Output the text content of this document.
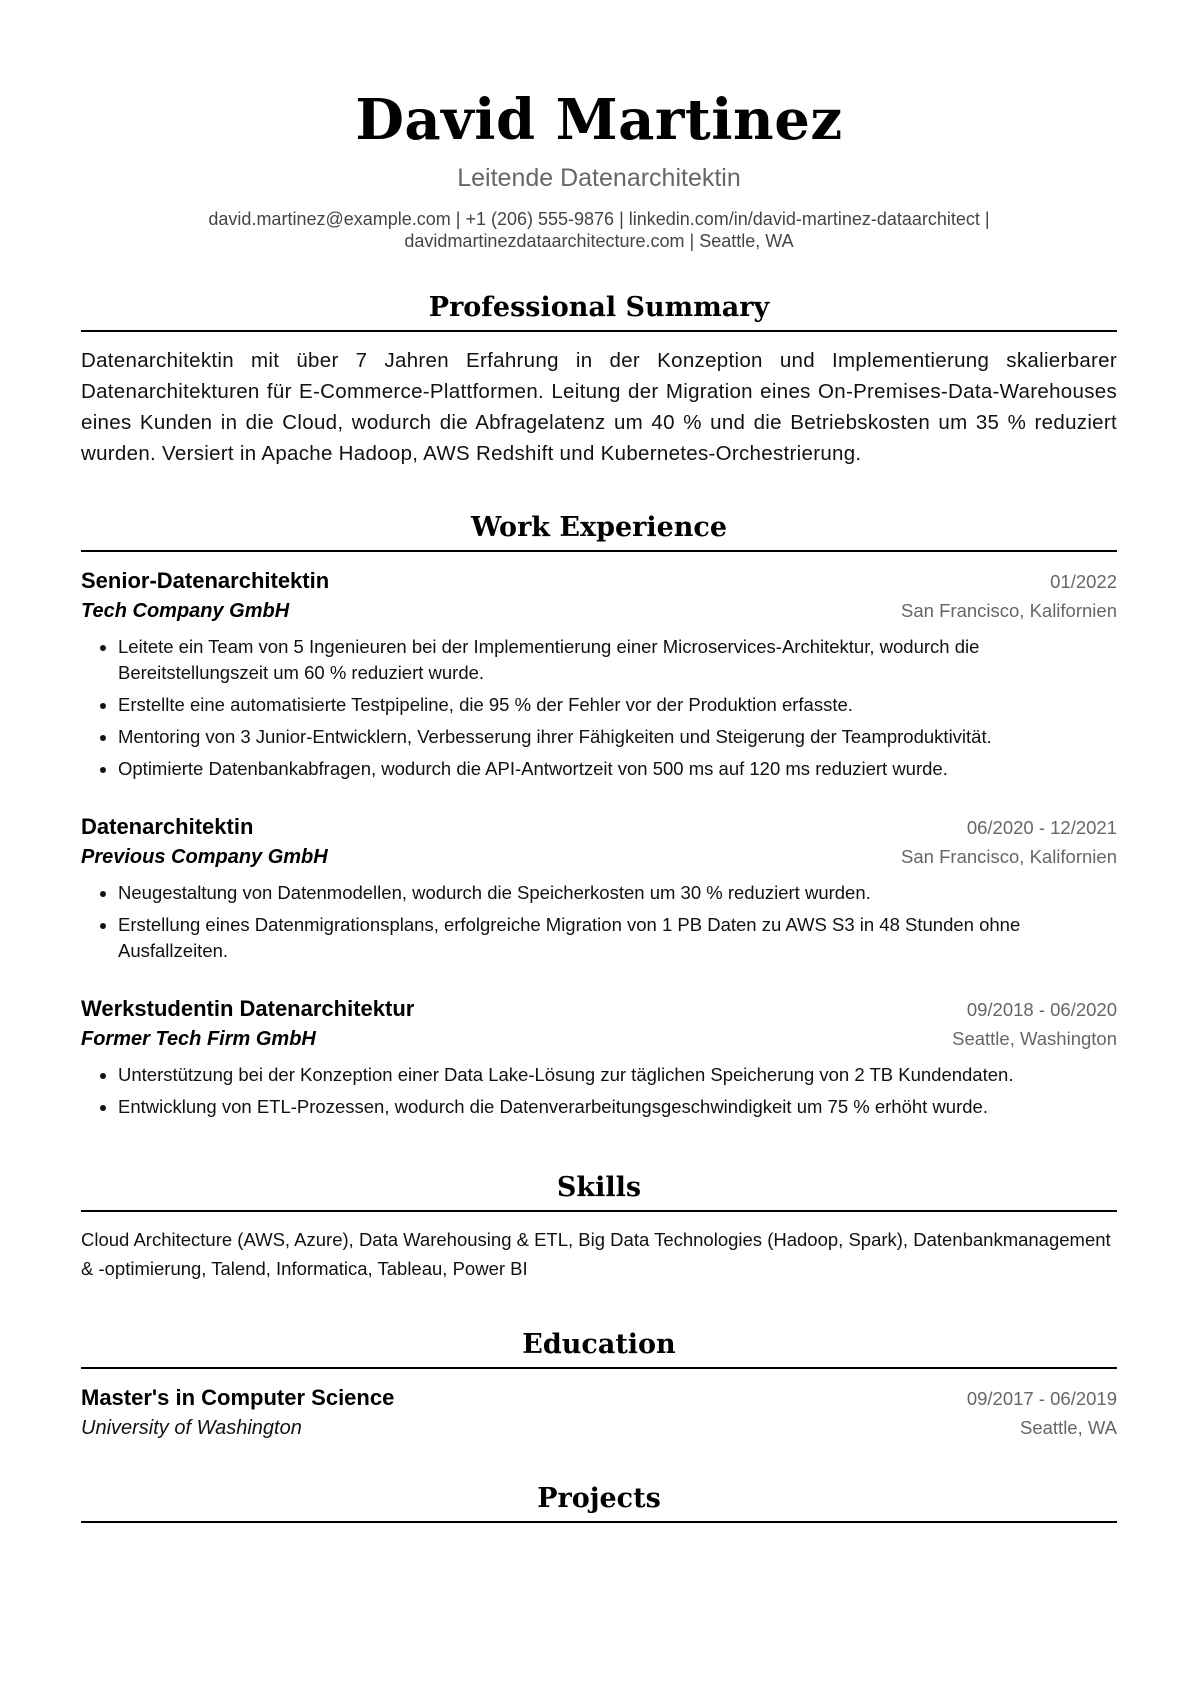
David Martinez
Leitende Datenarchitektin
david.martinez@example.com | +1 (206) 555-9876 | linkedin.com/in/david-martinez-dataarchitect |
davidmartinezdataarchitecture.com | Seattle, WA
Professional Summary
Datenarchitektin mit über 7 Jahren Erfahrung in der Konzeption und Implementierung skalierbarer Datenarchitekturen für E-Commerce-Plattformen. Leitung der Migration eines On-Premises-Data-Warehouses eines Kunden in die Cloud, wodurch die Abfragelatenz um 40 % und die Betriebskosten um 35 % reduziert wurden. Versiert in Apache Hadoop, AWS Redshift und Kubernetes-Orchestrierung.
Work Experience
Senior-Datenarchitektin	01/2022
Tech Company GmbH	San Francisco, Kalifornien
• Leitete ein Team von 5 Ingenieuren bei der Implementierung einer Microservices-Architektur, wodurch die Bereitstellungszeit um 60 % reduziert wurde.
• Erstellte eine automatisierte Testpipeline, die 95 % der Fehler vor der Produktion erfasste.
• Mentoring von 3 Junior-Entwicklern, Verbesserung ihrer Fähigkeiten und Steigerung der Teamproduktivität.
• Optimierte Datenbankabfragen, wodurch die API-Antwortzeit von 500 ms auf 120 ms reduziert wurde.
Datenarchitektin	06/2020 - 12/2021
Previous Company GmbH	San Francisco, Kalifornien
• Neugestaltung von Datenmodellen, wodurch die Speicherkosten um 30 % reduziert wurden.
• Erstellung eines Datenmigrationsplans, erfolgreiche Migration von 1 PB Daten zu AWS S3 in 48 Stunden ohne Ausfallzeiten.
Werkstudentin Datenarchitektur	09/2018 - 06/2020
Former Tech Firm GmbH	Seattle, Washington
• Unterstützung bei der Konzeption einer Data Lake-Lösung zur täglichen Speicherung von 2 TB Kundendaten.
• Entwicklung von ETL-Prozessen, wodurch die Datenverarbeitungsgeschwindigkeit um 75 % erhöht wurde.
Skills
Cloud Architecture (AWS, Azure), Data Warehousing & ETL, Big Data Technologies (Hadoop, Spark), Datenbankmanagement & -optimierung, Talend, Informatica, Tableau, Power BI
Education
Master's in Computer Science	09/2017 - 06/2019
University of Washington	Seattle, WA
Projects
